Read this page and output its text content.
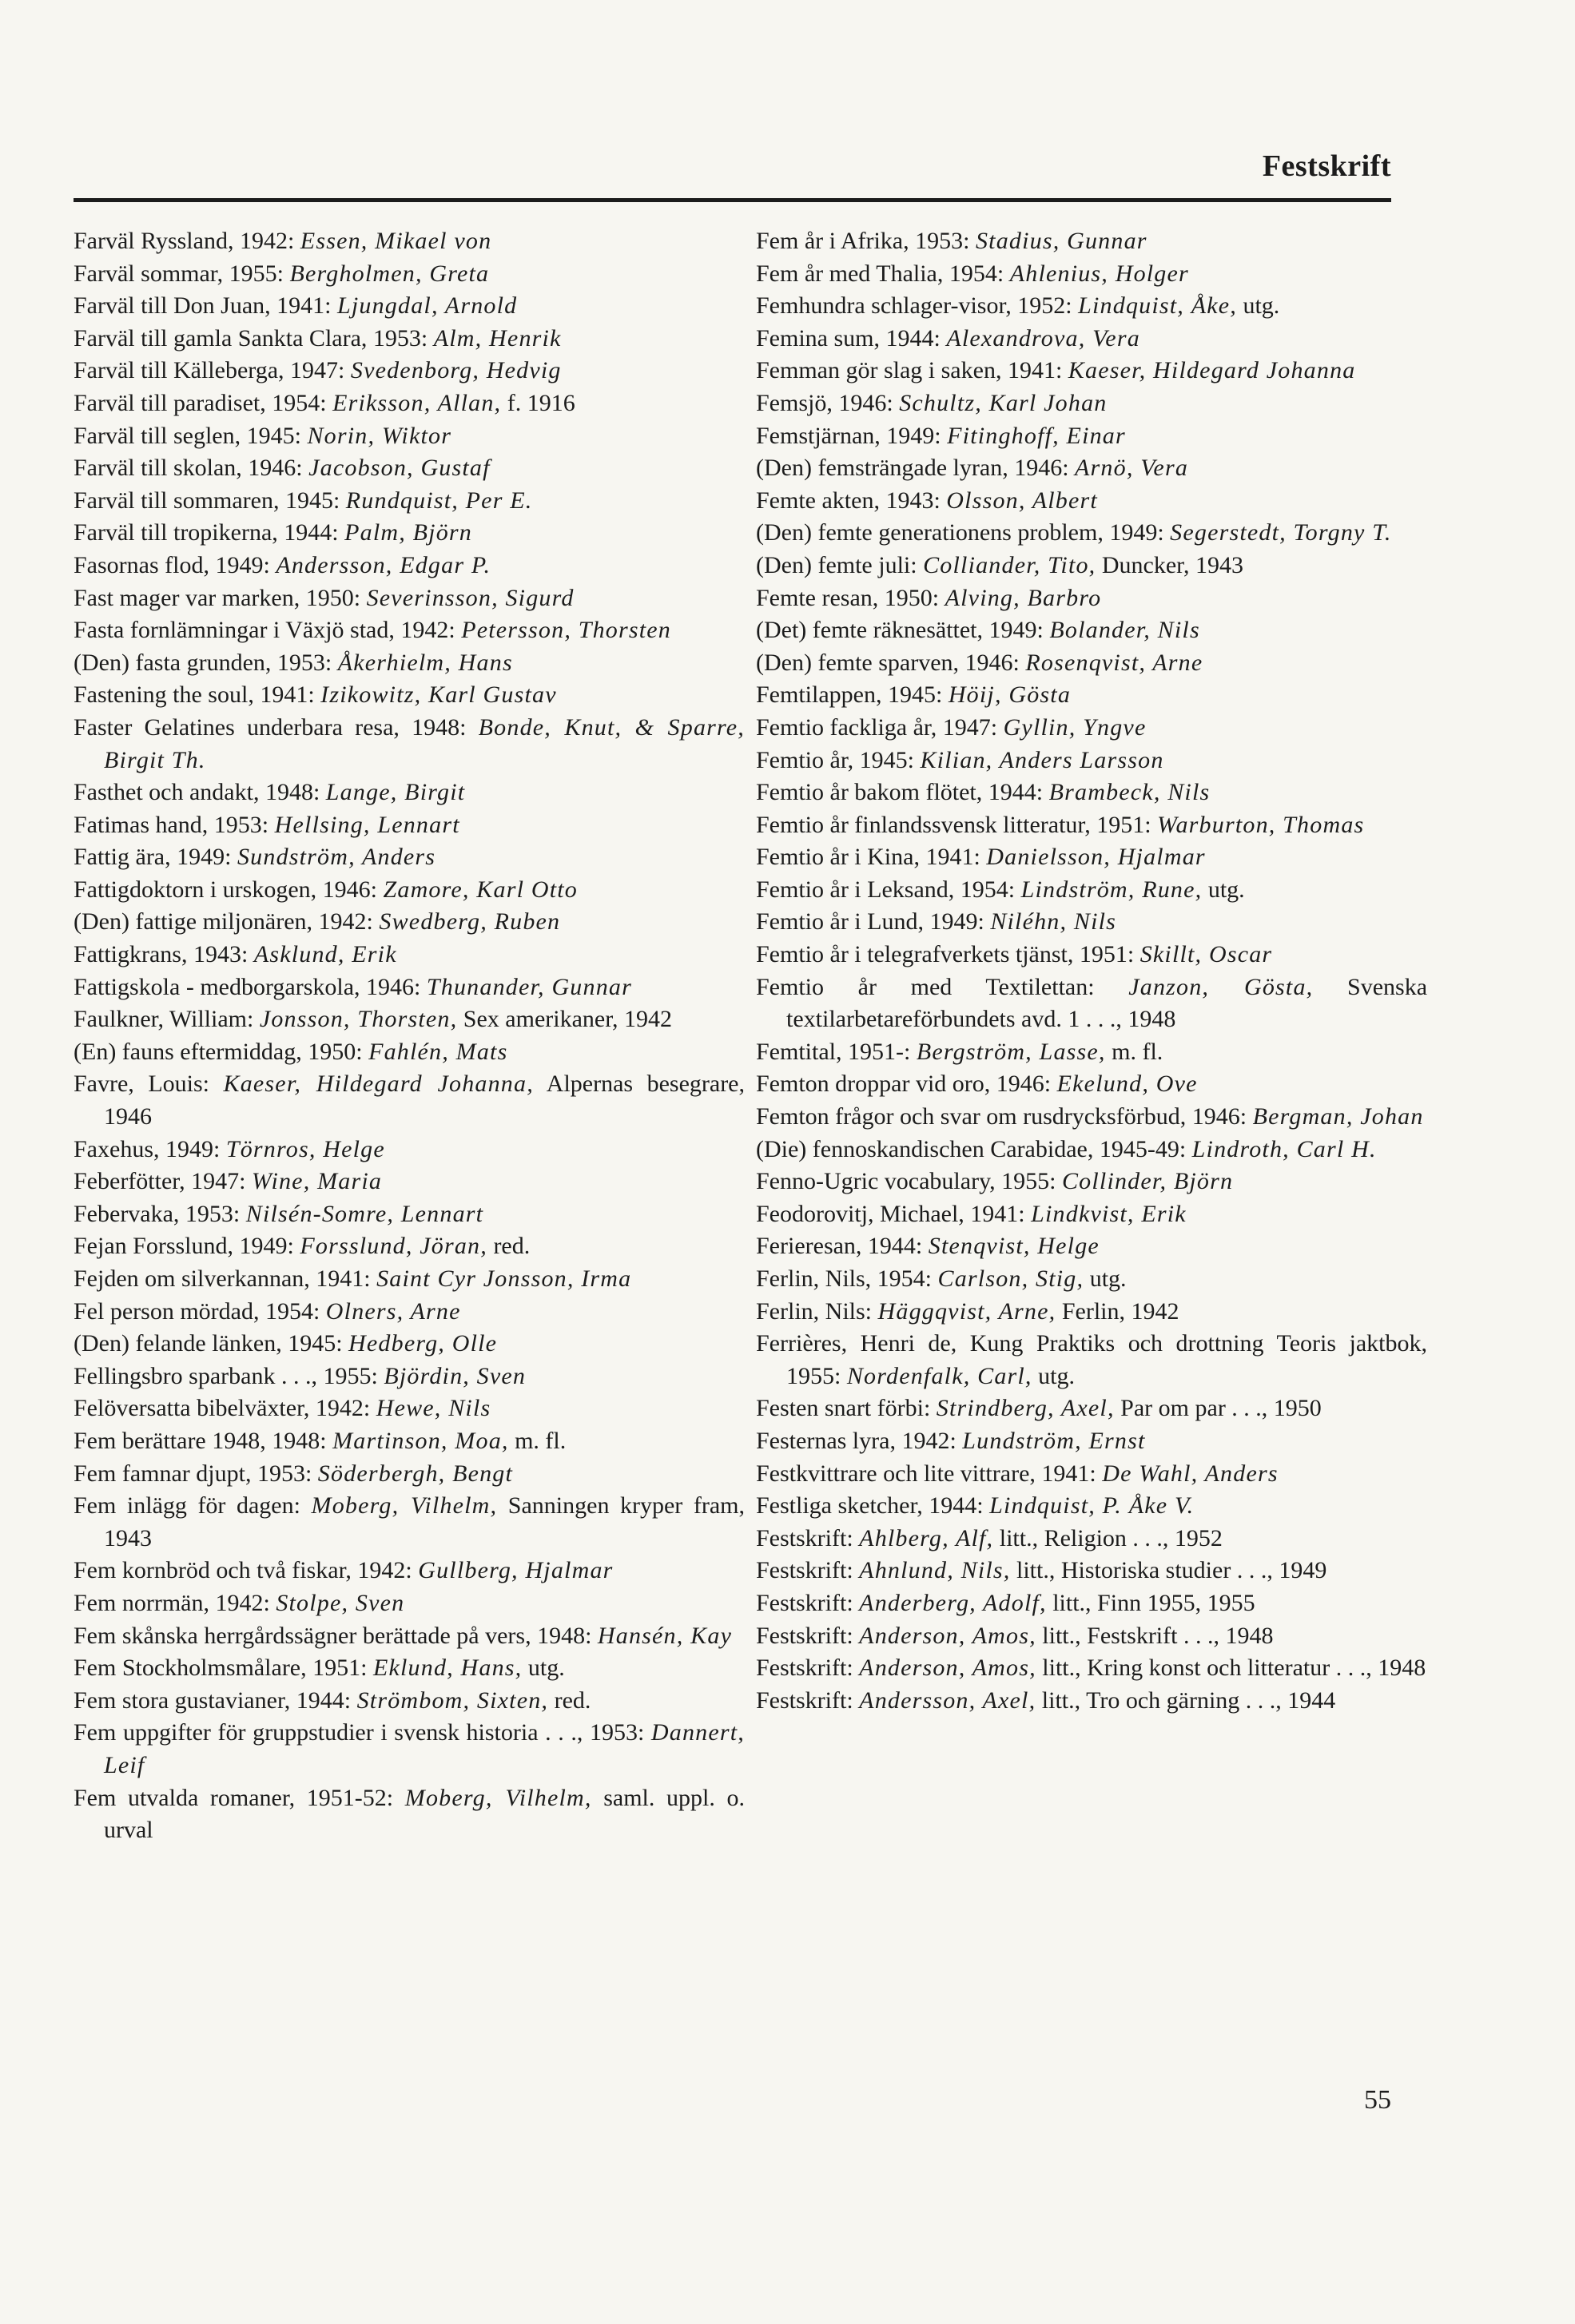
Festskrift
Farväl Ryssland, 1942: Essen, Mikael von
Farväl sommar, 1955: Bergholmen, Greta
Farväl till Don Juan, 1941: Ljungdal, Arnold
Farväl till gamla Sankta Clara, 1953: Alm, Henrik
Farväl till Källeberga, 1947: Svedenborg, Hedvig
Farväl till paradiset, 1954: Eriksson, Allan, f. 1916
Farväl till seglen, 1945: Norin, Wiktor
Farväl till skolan, 1946: Jacobson, Gustaf
Farväl till sommaren, 1945: Rundquist, Per E.
Farväl till tropikerna, 1944: Palm, Björn
Fasornas flod, 1949: Andersson, Edgar P.
Fast mager var marken, 1950: Severinsson, Sigurd
Fasta fornlämningar i Växjö stad, 1942: Petersson, Thorsten
(Den) fasta grunden, 1953: Åkerhielm, Hans
Fastening the soul, 1941: Izikowitz, Karl Gustav
Faster Gelatines underbara resa, 1948: Bonde, Knut, & Sparre, Birgit Th.
Fasthet och andakt, 1948: Lange, Birgit
Fatimas hand, 1953: Hellsing, Lennart
Fattig ära, 1949: Sundström, Anders
Fattigdoktorn i urskogen, 1946: Zamore, Karl Otto
(Den) fattige miljonären, 1942: Swedberg, Ruben
Fattigkrans, 1943: Asklund, Erik
Fattigskola - medborgarskola, 1946: Thunander, Gunnar
Faulkner, William: Jonsson, Thorsten, Sex amerikaner, 1942
(En) fauns eftermiddag, 1950: Fahlén, Mats
Favre, Louis: Kaeser, Hildegard Johanna, Alpernas besegrare, 1946
Faxehus, 1949: Törnros, Helge
Feberfötter, 1947: Wine, Maria
Febervaka, 1953: Nilsén-Somre, Lennart
Fejan Forsslund, 1949: Forsslund, Jöran, red.
Fejden om silverkannan, 1941: Saint Cyr Jonsson, Irma
Fel person mördad, 1954: Olners, Arne
(Den) felande länken, 1945: Hedberg, Olle
Fellingsbro sparbank . . ., 1955: Björdin, Sven
Felöversatta bibelväxter, 1942: Hewe, Nils
Fem berättare 1948, 1948: Martinson, Moa, m. fl.
Fem famnar djupt, 1953: Söderbergh, Bengt
Fem inlägg för dagen: Moberg, Vilhelm, Sanningen kryper fram, 1943
Fem kornbröd och två fiskar, 1942: Gullberg, Hjalmar
Fem norrmän, 1942: Stolpe, Sven
Fem skånska herrgårdssägner berättade på vers, 1948: Hansén, Kay
Fem Stockholmsmålare, 1951: Eklund, Hans, utg.
Fem stora gustavianer, 1944: Strömbom, Sixten, red.
Fem uppgifter för gruppstudier i svensk historia . . ., 1953: Dannert, Leif
Fem utvalda romaner, 1951-52: Moberg, Vilhelm, saml. uppl. o. urval
Fem år i Afrika, 1953: Stadius, Gunnar
Fem år med Thalia, 1954: Ahlenius, Holger
Femhundra schlager-visor, 1952: Lindquist, Åke, utg.
Femina sum, 1944: Alexandrova, Vera
Femman gör slag i saken, 1941: Kaeser, Hildegard Johanna
Femsjö, 1946: Schultz, Karl Johan
Femstjärnan, 1949: Fitinghoff, Einar
(Den) femsträngade lyran, 1946: Arnö, Vera
Femte akten, 1943: Olsson, Albert
(Den) femte generationens problem, 1949: Segerstedt, Torgny T.
(Den) femte juli: Colliander, Tito, Duncker, 1943
Femte resan, 1950: Alving, Barbro
(Det) femte räknesättet, 1949: Bolander, Nils
(Den) femte sparven, 1946: Rosenqvist, Arne
Femtilappen, 1945: Höij, Gösta
Femtio fackliga år, 1947: Gyllin, Yngve
Femtio år, 1945: Kilian, Anders Larsson
Femtio år bakom flötet, 1944: Brambeck, Nils
Femtio år finlandssvensk litteratur, 1951: Warburton, Thomas
Femtio år i Kina, 1941: Danielsson, Hjalmar
Femtio år i Leksand, 1954: Lindström, Rune, utg.
Femtio år i Lund, 1949: Niléhn, Nils
Femtio år i telegrafverkets tjänst, 1951: Skillt, Oscar
Femtio år med Textilettan: Janzon, Gösta, Svenska textilarbetareförbundets avd. 1 . . ., 1948
Femtital, 1951-: Bergström, Lasse, m. fl.
Femton droppar vid oro, 1946: Ekelund, Ove
Femton frågor och svar om rusdrycksförbud, 1946: Bergman, Johan
(Die) fennoskandischen Carabidae, 1945-49: Lindroth, Carl H.
Fenno-Ugric vocabulary, 1955: Collinder, Björn
Feodorovitj, Michael, 1941: Lindkvist, Erik
Ferieresan, 1944: Stenqvist, Helge
Ferlin, Nils, 1954: Carlson, Stig, utg.
Ferlin, Nils: Häggqvist, Arne, Ferlin, 1942
Ferrières, Henri de, Kung Praktiks och drottning Teoris jaktbok, 1955: Nordenfalk, Carl, utg.
Festen snart förbi: Strindberg, Axel, Par om par . . ., 1950
Festernas lyra, 1942: Lundström, Ernst
Festkvittrare och lite vittrare, 1941: De Wahl, Anders
Festliga sketcher, 1944: Lindquist, P. Åke V.
Festskrift: Ahlberg, Alf, litt., Religion . . ., 1952
Festskrift: Ahnlund, Nils, litt., Historiska studier . . ., 1949
Festskrift: Anderberg, Adolf, litt., Finn 1955, 1955
Festskrift: Anderson, Amos, litt., Festskrift . . ., 1948
Festskrift: Anderson, Amos, litt., Kring konst och litteratur . . ., 1948
Festskrift: Andersson, Axel, litt., Tro och gärning . . ., 1944
55
